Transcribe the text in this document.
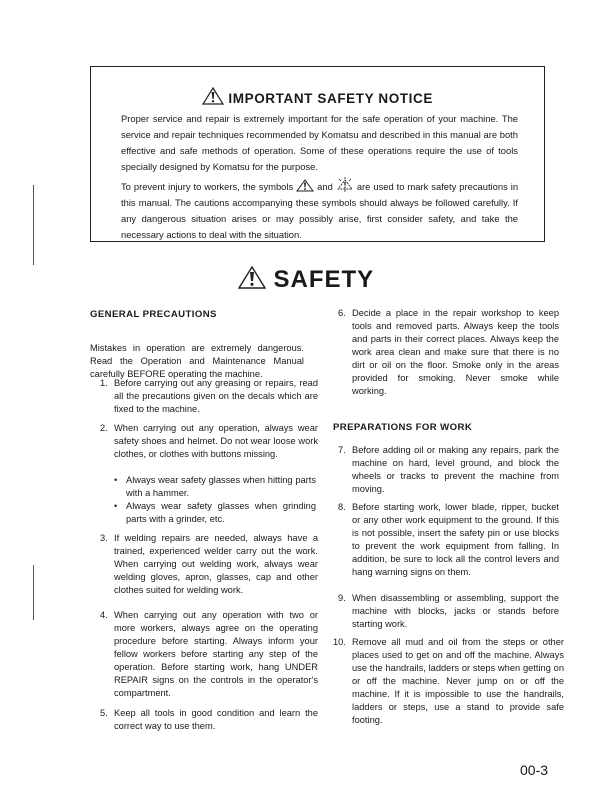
IMPORTANT SAFETY NOTICE
Proper service and repair is extremely important for the safe operation of your machine. The service and repair techniques recommended by Komatsu and described in this manual are both effective and safe methods of operation. Some of these operations require the use of tools specially designed by Komatsu for the purpose.
To prevent injury to workers, the symbols	and	are used to mark safety precautions in this manual. The cautions accompanying these symbols should always be followed carefully. If any dangerous situation arises or may possibly arise, first consider safety, and take the necessary actions to deal with the situation.
SAFETY
GENERAL PRECAUTIONS
Mistakes in operation are extremely dangerous. Read the Operation and Maintenance Manual carefully BEFORE operating the machine.
1. Before carrying out any greasing or repairs, read all the precautions given on the decals which are fixed to the machine.
2. When carrying out any operation, always wear safety shoes and helmet. Do not wear loose work clothes, or clothes with buttons missing.
• Always wear safety glasses when hitting parts with a hammer.
• Always wear safety glasses when grinding parts with a grinder, etc.
3. If welding repairs are needed, always have a trained, experienced welder carry out the work. When carrying out welding work, always wear welding gloves, apron, glasses, cap and other clothes suited for welding work.
4. When carrying out any operation with two or more workers, always agree on the operating procedure before starting. Always inform your fellow workers before starting any step of the operation. Before starting work, hang UNDER REPAIR signs on the controls in the operator's compartment.
5. Keep all tools in good condition and learn the correct way to use them.
6. Decide a place in the repair workshop to keep tools and removed parts. Always keep the tools and parts in their correct places. Always keep the work area clean and make sure that there is no dirt or oil on the floor. Smoke only in the areas provided for smoking. Never smoke while working.
PREPARATIONS FOR WORK
7. Before adding oil or making any repairs, park the machine on hard, level ground, and block the wheels or tracks to prevent the machine from moving.
8. Before starting work, lower blade, ripper, bucket or any other work equipment to the ground. If this is not possible, insert the safety pin or use blocks to prevent the work equipment from falling. In addition, be sure to lock all the control levers and hang warning signs on them.
9. When disassembling or assembling, support the machine with blocks, jacks or stands before starting work.
10. Remove all mud and oil from the steps or other places used to get on and off the machine. Always use the handrails, ladders or steps when getting on or off the machine. Never jump on or off the machine. If it is impossible to use the handrails, ladders or steps, use a stand to provide safe footing.
00-3
